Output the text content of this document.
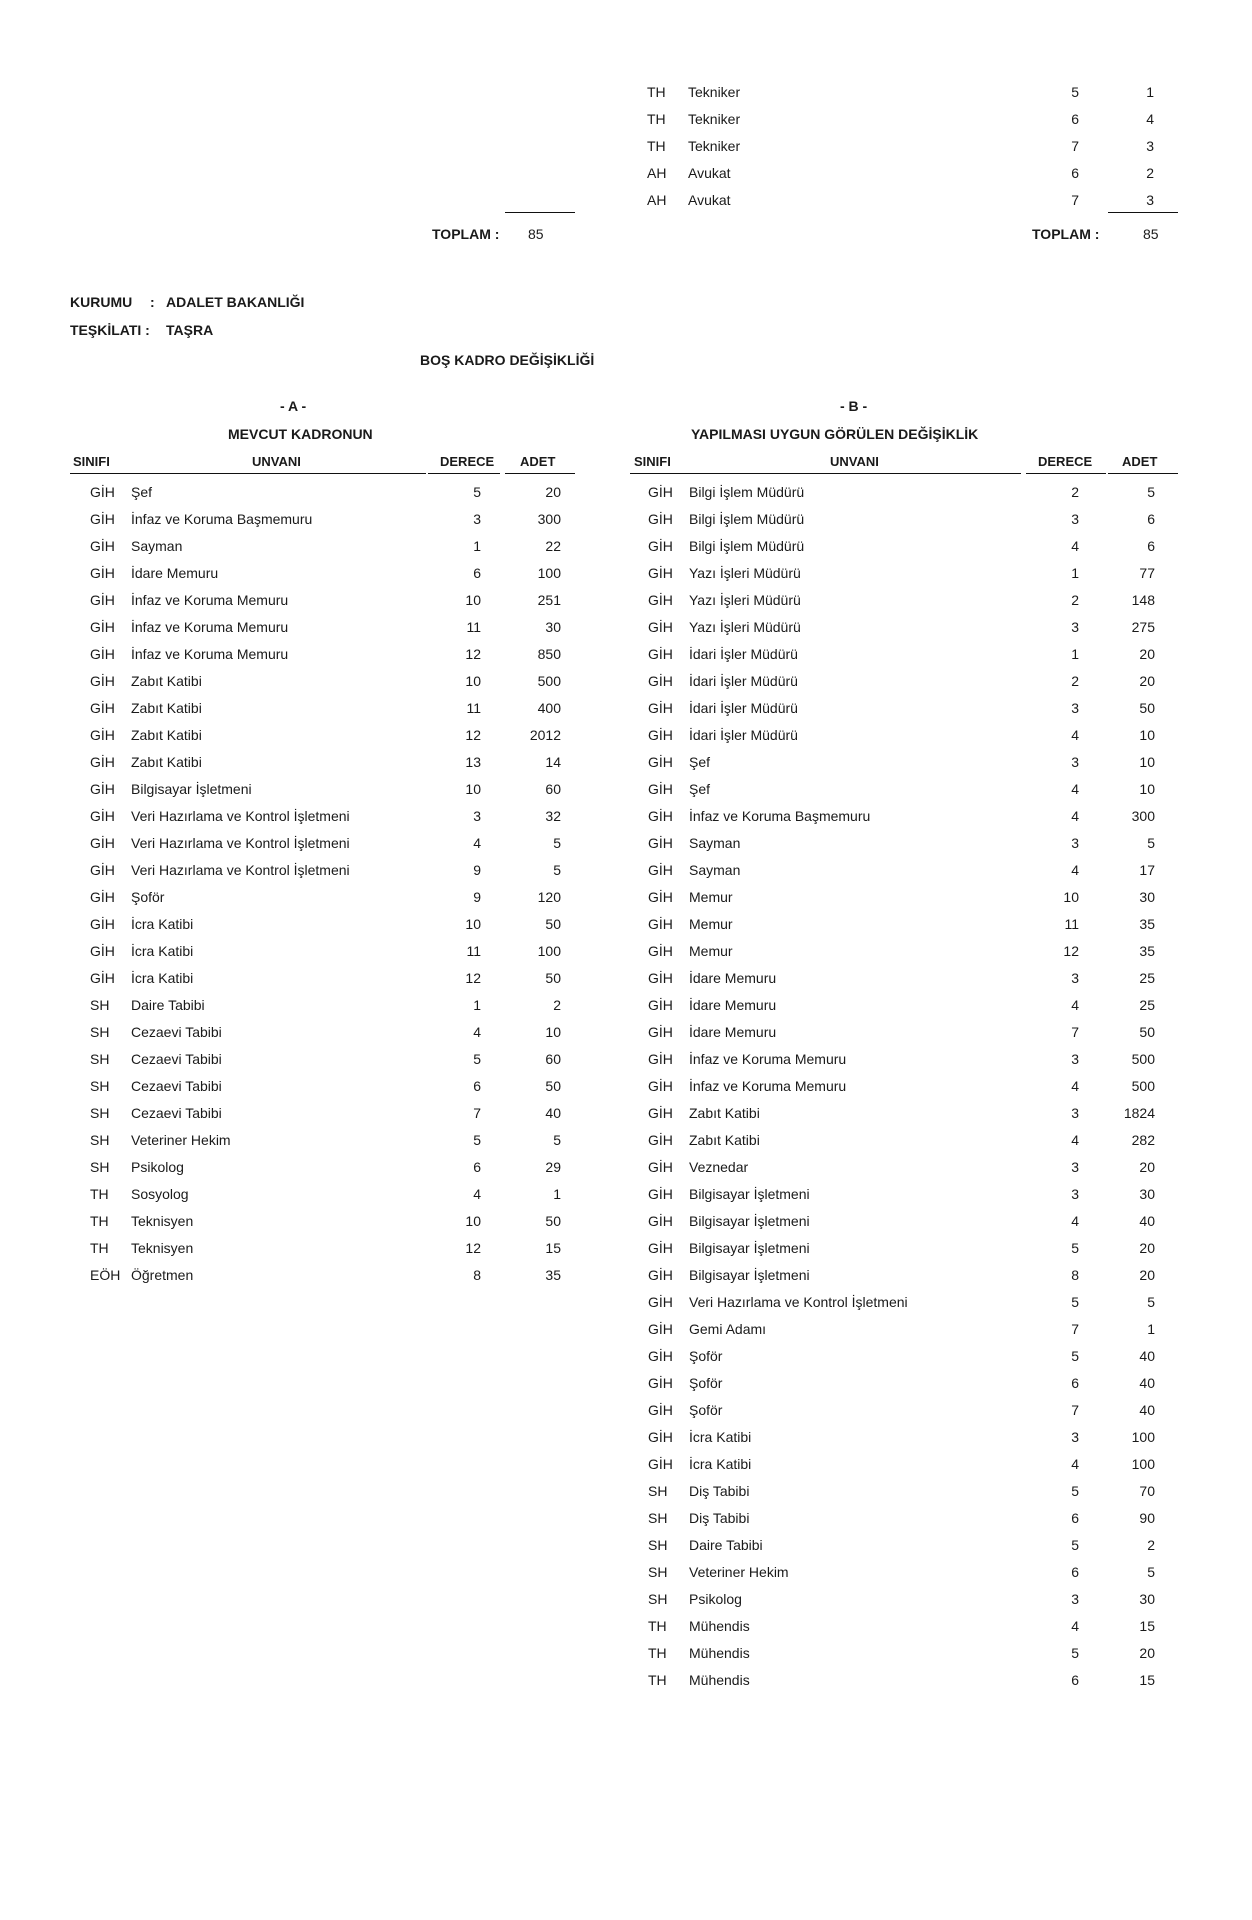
TH Tekniker	5	1
TH Tekniker	6	4
TH Tekniker	7	3
AH Avukat	6	2
AH Avukat	7	3
TOPLAM : 85	TOPLAM :	85
KURUMU : ADALET BAKANLIĞI
TEŞKİLATI : TAŞRA
BOŞ KADRO DEĞİŞİKLİĞİ
- A -
MEVCUT KADRONUN
SINIFI	UNVANI	DERECE ADET
GİH Şef	5	20
GİH İnfaz ve Koruma Başmemuru	3	300
GİH Sayman	1	22
GİH İdare Memuru	6	100
GİH İnfaz ve Koruma Memuru	10	251
GİH İnfaz ve Koruma Memuru	11	30
GİH İnfaz ve Koruma Memuru	12	850
GİH Zabıt Katibi	10	500
GİH Zabıt Katibi	11	400
GİH Zabıt Katibi	12	2012
GİH Zabıt Katibi	13	14
GİH Bilgisayar İşletmeni	10	60
GİH Veri Hazırlama ve Kontrol İşletmeni	3	32
GİH Veri Hazırlama ve Kontrol İşletmeni	4	5
GİH Veri Hazırlama ve Kontrol İşletmeni	9	5
GİH Şoför	9	120
GİH İcra Katibi	10	50
GİH İcra Katibi	11	100
GİH İcra Katibi	12	50
SH Daire Tabibi	1	2
SH Cezaevi Tabibi	4	10
SH Cezaevi Tabibi	5	60
SH Cezaevi Tabibi	6	50
SH Cezaevi Tabibi	7	40
SH Veteriner Hekim	5	5
SH Psikolog	6	29
TH Sosyolog	4	1
TH Teknisyen	10	50
TH Teknisyen	12	15
EÖH Öğretmen	8	35
- B -
YAPILMASI UYGUN GÖRÜLEN DEĞİŞİKLİK
SINIFI	UNVANI	DERECE ADET
GİH Bilgi İşlem Müdürü	2	5
GİH Bilgi İşlem Müdürü	3	6
GİH Bilgi İşlem Müdürü	4	6
GİH Yazı İşleri Müdürü	1	77
GİH Yazı İşleri Müdürü	2	148
GİH Yazı İşleri Müdürü	3	275
GİH İdari İşler Müdürü	1	20
GİH İdari İşler Müdürü	2	20
GİH İdari İşler Müdürü	3	50
GİH İdari İşler Müdürü	4	10
GİH Şef	3	10
GİH Şef	4	10
GİH İnfaz ve Koruma Başmemuru	4	300
GİH Sayman	3	5
GİH Sayman	4	17
GİH Memur	10	30
GİH Memur	11	35
GİH Memur	12	35
GİH İdare Memuru	3	25
GİH İdare Memuru	4	25
GİH İdare Memuru	7	50
GİH İnfaz ve Koruma Memuru	3	500
GİH İnfaz ve Koruma Memuru	4	500
GİH Zabıt Katibi	3	1824
GİH Zabıt Katibi	4	282
GİH Veznedar	3	20
GİH Bilgisayar İşletmeni	3	30
GİH Bilgisayar İşletmeni	4	40
GİH Bilgisayar İşletmeni	5	20
GİH Bilgisayar İşletmeni	8	20
GİH Veri Hazırlama ve Kontrol İşletmeni	5	5
GİH Gemi Adamı	7	1
GİH Şoför	5	40
GİH Şoför	6	40
GİH Şoför	7	40
GİH İcra Katibi	3	100
GİH İcra Katibi	4	100
SH Diş Tabibi	5	70
SH Diş Tabibi	6	90
SH Daire Tabibi	5	2
SH Veteriner Hekim	6	5
SH Psikolog	3	30
TH Mühendis	4	15
TH Mühendis	5	20
TH Mühendis	6	15
